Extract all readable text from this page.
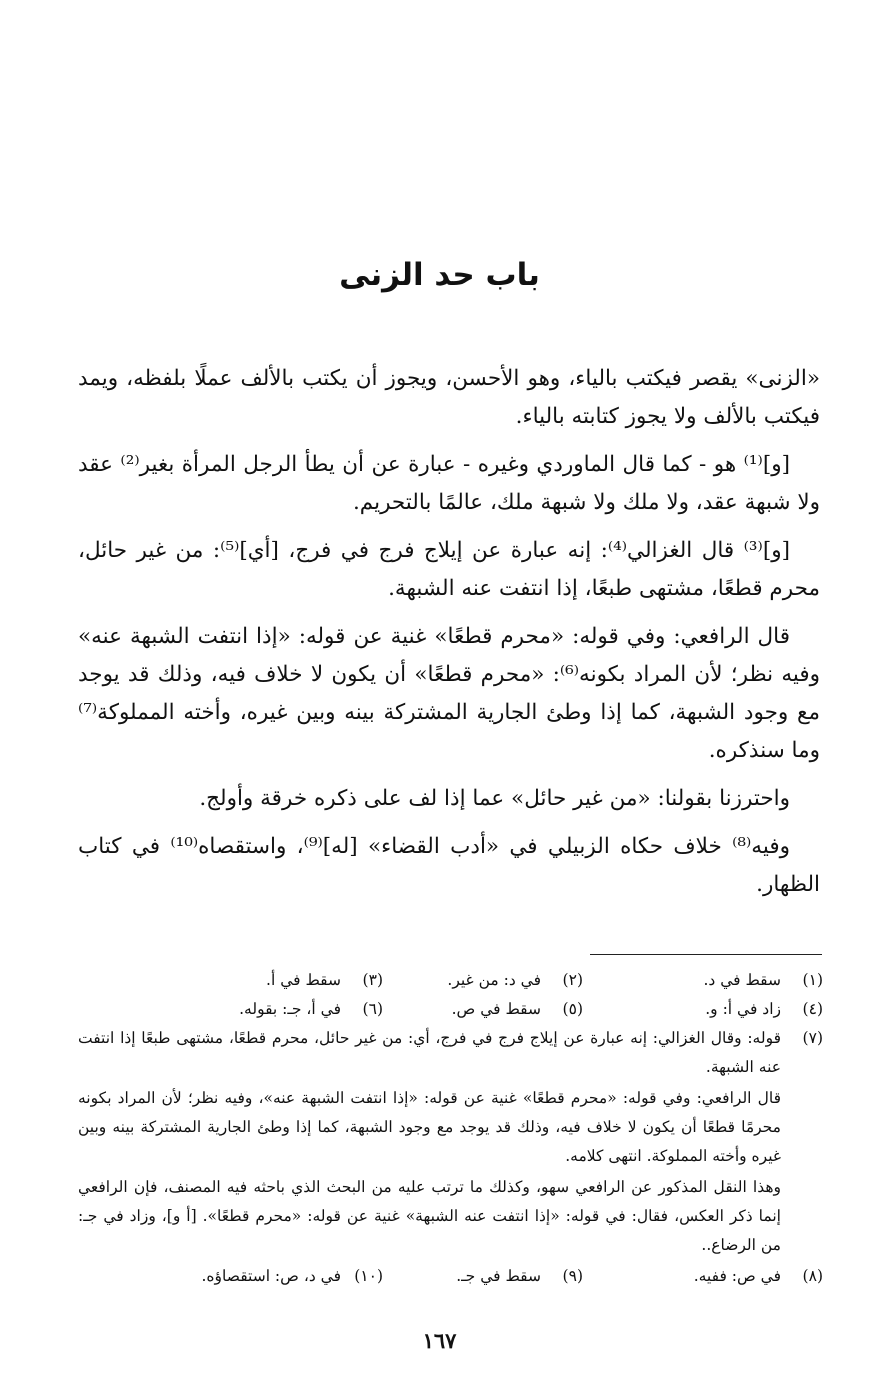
باب حد الزنى

«الزنى» يقصر فيكتب بالياء، وهو الأحسن، ويجوز أن يكتب بالألف عملًا بلفظه، ويمد فيكتب بالألف ولا يجوز كتابته بالياء.

[و]⁽¹⁾ هو - كما قال الماوردي وغيره - عبارة عن أن يطأ الرجل المرأة بغير⁽²⁾ عقد ولا شبهة عقد، ولا ملك ولا شبهة ملك، عالمًا بالتحريم.

[و]⁽³⁾ قال الغزالي⁽⁴⁾: إنه عبارة عن إيلاج فرج في فرج، [أي]⁽⁵⁾: من غير حائل، محرم قطعًا، مشتهى طبعًا، إذا انتفت عنه الشبهة.

قال الرافعي: وفي قوله: «محرم قطعًا» غنية عن قوله: «إذا انتفت الشبهة عنه» وفيه نظر؛ لأن المراد بكونه⁽⁶⁾: «محرم قطعًا» أن يكون لا خلاف فيه، وذلك قد يوجد مع وجود الشبهة، كما إذا وطئ الجارية المشتركة بينه وبين غيره، وأخته المملوكة⁽⁷⁾ وما سنذكره.

واحترزنا بقولنا: «من غير حائل» عما إذا لف على ذكره خرقة وأولج.

وفيه⁽⁸⁾ خلاف حكاه الزبيلي في «أدب القضاء» [له]⁽⁹⁾، واستقصاه⁽¹⁰⁾ في كتاب الظهار.

(١)
سقط في د.
(٢)
في د: من غير.
(٣)
سقط في أ.
(٤)
زاد في أ: و.
(٥)
سقط في ص.
(٦)
في أ، جـ: بقوله.
(٧)

قوله: وقال الغزالي: إنه عبارة عن إيلاج فرج في فرج، أي: من غير حائل، محرم قطعًا، مشتهى طبعًا إذا انتفت عنه الشبهة.

قال الرافعي: وفي قوله: «محرم قطعًا» غنية عن قوله: «إذا انتفت الشبهة عنه»، وفيه نظر؛ لأن المراد بكونه محرمًا قطعًا أن يكون لا خلاف فيه، وذلك قد يوجد مع وجود الشبهة، كما إذا وطئ الجارية المشتركة بينه وبين غيره وأخته المملوكة. انتهى كلامه.

وهذا النقل المذكور عن الرافعي سهو، وكذلك ما ترتب عليه من البحث الذي باحثه فيه المصنف، فإن الرافعي إنما ذكر العكس، فقال: في قوله: «إذا انتفت عنه الشبهة» غنية عن قوله: «محرم قطعًا». [أ و]، وزاد في جـ: من الرضاع..

(٨)
في ص: ففيه.
(٩)
سقط في جـ.
(١٠)
في د، ص: استقصاؤه.
١٦٧
